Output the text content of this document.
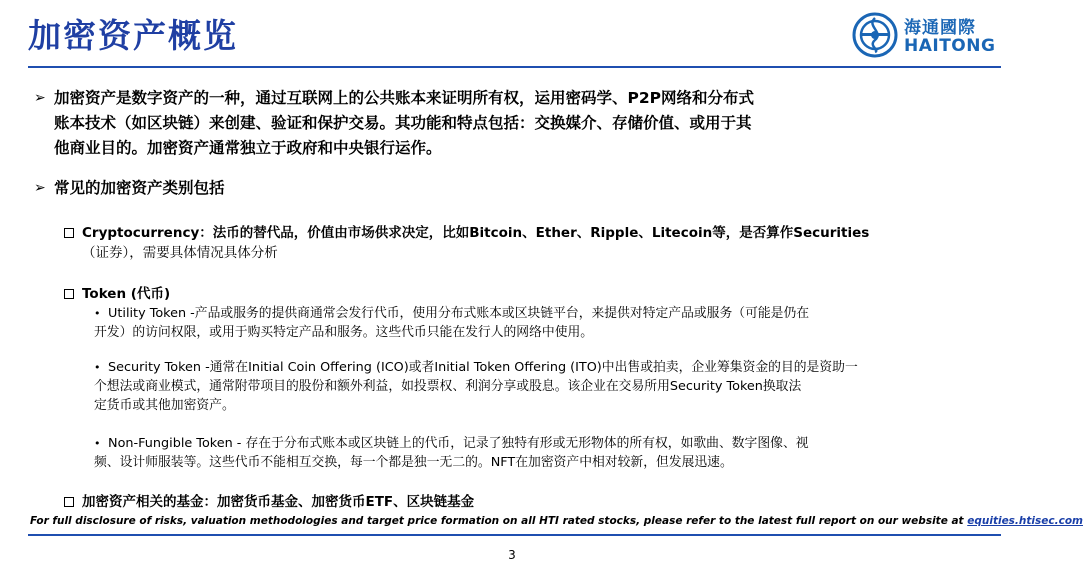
加密资产概览	海通國際
HAITONG
➢ 加密资产是数字资产的一种，通过互联网上的公共账本来证明所有权，运用密码学、P2P网络和分布式
账本技术（如区块链）来创建、验证和保护交易。其功能和特点包括：交换媒介、存储价值、或用于其
他商业目的。加密资产通常独立于政府和中央银行运作。
➢ 常见的加密资产类别包括
Cryptocurrency：法币的替代品，价值由市场供求决定，比如Bitcoin、Ether、Ripple、Litecoin等，是否算作Securities
（证券），需要具体情况具体分析
Token (代币)
• Utility Token -产品或服务的提供商通常会发行代币，使用分布式账本或区块链平台，来提供对特定产品或服务（可能是仍在
开发）的访问权限，或用于购买特定产品和服务。这些代币只能在发行人的网络中使用。
• Security Token -通常在Initial Coin Offering (ICO)或者Initial Token Offering (ITO)中出售或拍卖，企业筹集资金的目的是资助一
个想法或商业模式，通常附带项目的股份和额外利益，如投票权、利润分享或股息。该企业在交易所用Security Token换取法
定货币或其他加密资产。
• Non-Fungible Token - 存在于分布式账本或区块链上的代币，记录了独特有形或无形物体的所有权，如歌曲、数字图像、视
频、设计师服装等。这些代币不能相互交换，每一个都是独一无二的。NFT在加密资产中相对较新，但发展迅速。
加密资产相关的基金：加密货币基金、加密货币ETF、区块链基金
For full disclosure of risks, valuation methodologies and target price formation on all HTI rated stocks, please refer to the latest full report on our website at equities.htisec.com
3
